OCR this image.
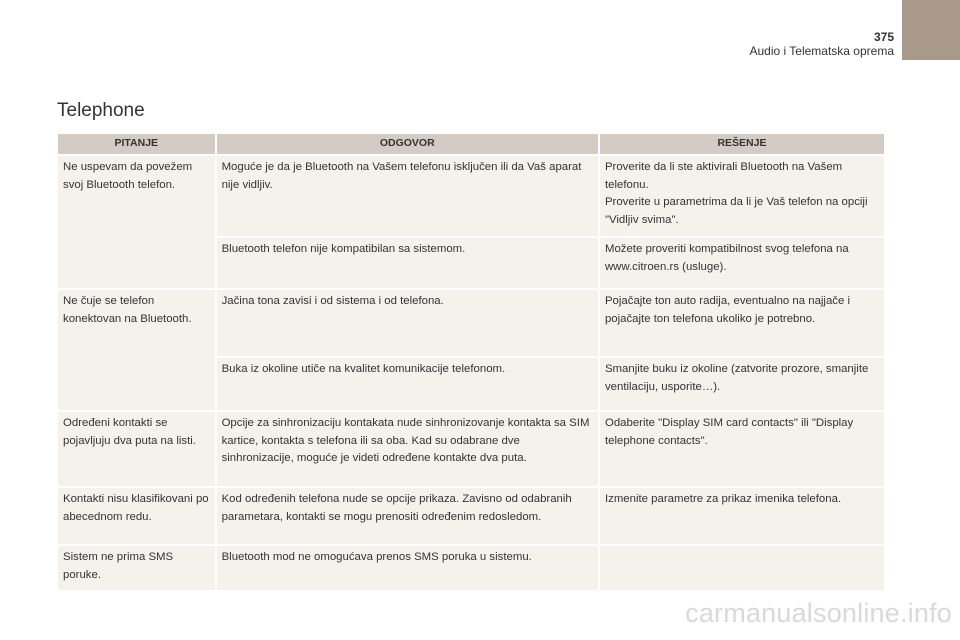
375
Audio i Telematska oprema
Telephone
PITANJE	ODGOVOR	REŠENJE
Ne uspevam da povežem svoj Bluetooth telefon.	Moguće je da je Bluetooth na Vašem telefonu isključen ili da Vaš aparat nije vidljiv.	Proverite da li ste aktivirali Bluetooth na Vašem telefonu.
Proverite u parametrima da li je Vaš telefon na opciji "Vidljiv svima".
	Bluetooth telefon nije kompatibilan sa sistemom.	Možete proveriti kompatibilnost svog telefona na www.citroen.rs (usluge).
Ne čuje se telefon konektovan na Bluetooth.	Jačina tona zavisi i od sistema i od telefona.	Pojačajte ton auto radija, eventualno na najjače i pojačajte ton telefona ukoliko je potrebno.
	Buka iz okoline utiče na kvalitet komunikacije telefonom.	Smanjite buku iz okoline (zatvorite prozore, smanjite ventilaciju, usporite…).
Određeni kontakti se pojavljuju dva puta na listi.	Opcije za sinhronizaciju kontakata nude sinhronizovanje kontakta sa SIM kartice, kontakta s telefona ili sa oba. Kad su odabrane dve sinhronizacije, moguće je videti određene kontakte dva puta.	Odaberite "Display SIM card contacts" ili "Display telephone contacts".
Kontakti nisu klasifikovani po abecednom redu.	Kod određenih telefona nude se opcije prikaza. Zavisno od odabranih parametara, kontakti se mogu prenositi određenim redosledom.	Izmenite parametre za prikaz imenika telefona.
Sistem ne prima SMS poruke.	Bluetooth mod ne omogućava prenos SMS poruka u sistemu.	
carmanualsonline.info
